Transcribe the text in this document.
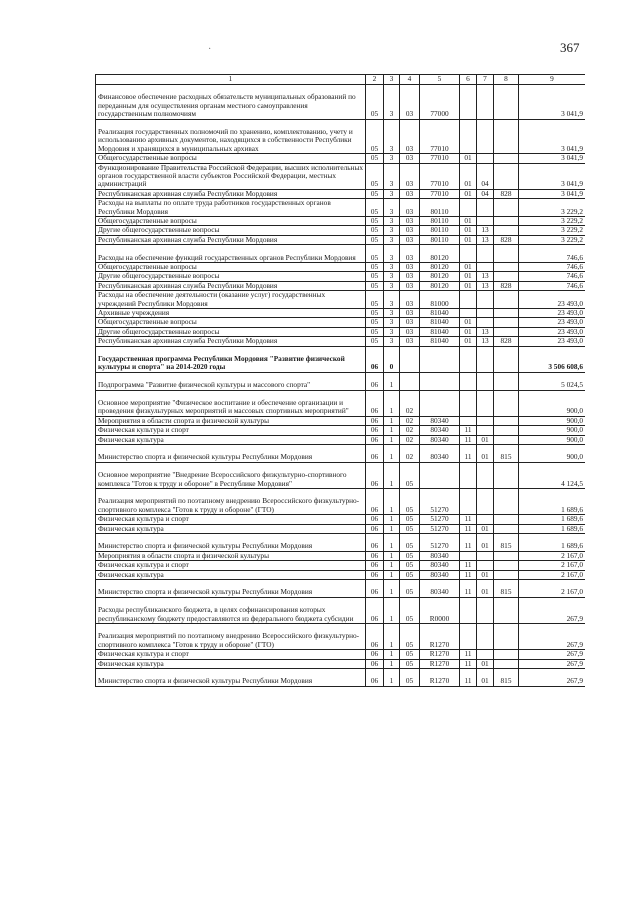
367
·
1	2	3	4	5	6	7	8	9
Финансовое обеспечение расходных обязательств муниципальных образований по переданным для осуществления органам местного самоуправления государственным полномочиям	05	3	03	77000				3 041,9
Реализация государственных полномочий по хранению, комплектованию, учету и использованию архивных документов, находящихся в собственности Республики Мордовия и хранящихся в муниципальных архивах	05	3	03	77010				3 041,9
Общегосударственные вопросы	05	3	03	77010	01			3 041,9
Функционирование Правительства Российской Федерации, высших исполнительных органов государственной власти субъектов Российской Федерации, местных администраций	05	3	03	77010	01	04		3 041,9
Республиканская архивная служба Республики Мордовия	05	3	03	77010	01	04	828	3 041,9
Расходы на выплаты по оплате труда работников государственных органов Республики Мордовия	05	3	03	80110				3 229,2
Общегосударственные вопросы	05	3	03	80110	01			3 229,2
Другие общегосударственные вопросы	05	3	03	80110	01	13		3 229,2
Республиканская архивная служба Республики Мордовия	05	3	03	80110	01	13	828	3 229,2
Расходы на обеспечение функций государственных органов Республики Мордовия	05	3	03	80120				746,6
Общегосударственные вопросы	05	3	03	80120	01			746,6
Другие общегосударственные вопросы	05	3	03	80120	01	13		746,6
Республиканская архивная служба Республики Мордовия	05	3	03	80120	01	13	828	746,6
Расходы на обеспечение деятельности (оказание услуг) государственных учреждений Республики Мордовия	05	3	03	81000				23 493,0
Архивные учреждения	05	3	03	81040				23 493,0
Общегосударственные вопросы	05	3	03	81040	01			23 493,0
Другие общегосударственные вопросы	05	3	03	81040	01	13		23 493,0
Республиканская архивная служба Республики Мордовия	05	3	03	81040	01	13	828	23 493,0
Государственная программа Республики Мордовия "Развитие физической культуры и спорта" на 2014-2020 годы	06	0						3 506 608,6
Подпрограмма "Развитие физической культуры и массового спорта"	06	1						5 024,5
Основное мероприятие "Физическое воспитание и обеспечение организации и проведения физкультурных мероприятий и массовых спортивных мероприятий"	06	1	02					900,0
Мероприятия в области спорта и физической культуры	06	1	02	80340				900,0
Физическая культура и спорт	06	1	02	80340	11			900,0
Физическая культура	06	1	02	80340	11	01		900,0
Министерство спорта и физической культуры Республики Мордовия	06	1	02	80340	11	01	815	900,0
Основное мероприятие "Внедрение Всероссийского физкультурно-спортивного комплекса "Готов к труду и обороне" в Республике Мордовия"	06	1	05					4 124,5
Реализация мероприятий по поэтапному внедрению Всероссийского физкультурно-спортивного комплекса "Готов к труду и обороне" (ГТО)	06	1	05	51270				1 689,6
Физическая культура и спорт	06	1	05	51270	11			1 689,6
Физическая культура	06	1	05	51270	11	01		1 689,6
Министерство спорта и физической культуры Республики Мордовия	06	1	05	51270	11	01	815	1 689,6
Мероприятия в области спорта и физической культуры	06	1	05	80340				2 167,0
Физическая культура и спорт	06	1	05	80340	11			2 167,0
Физическая культура	06	1	05	80340	11	01		2 167,0
Министерство спорта и физической культуры Республики Мордовия	06	1	05	80340	11	01	815	2 167,0
Расходы республиканского бюджета, в целях софинансирования которых республиканскому бюджету предоставляются из федерального бюджета субсидии	06	1	05	R0000				267,9
Реализация мероприятий по поэтапному внедрению Всероссийского физкультурно-спортивного комплекса "Готов к труду и обороне" (ГТО)	06	1	05	R1270				267,9
Физическая культура и спорт	06	1	05	R1270	11			267,9
Физическая культура	06	1	05	R1270	11	01		267,9
Министерство спорта и физической культуры Республики Мордовия	06	1	05	R1270	11	01	815	267,9
